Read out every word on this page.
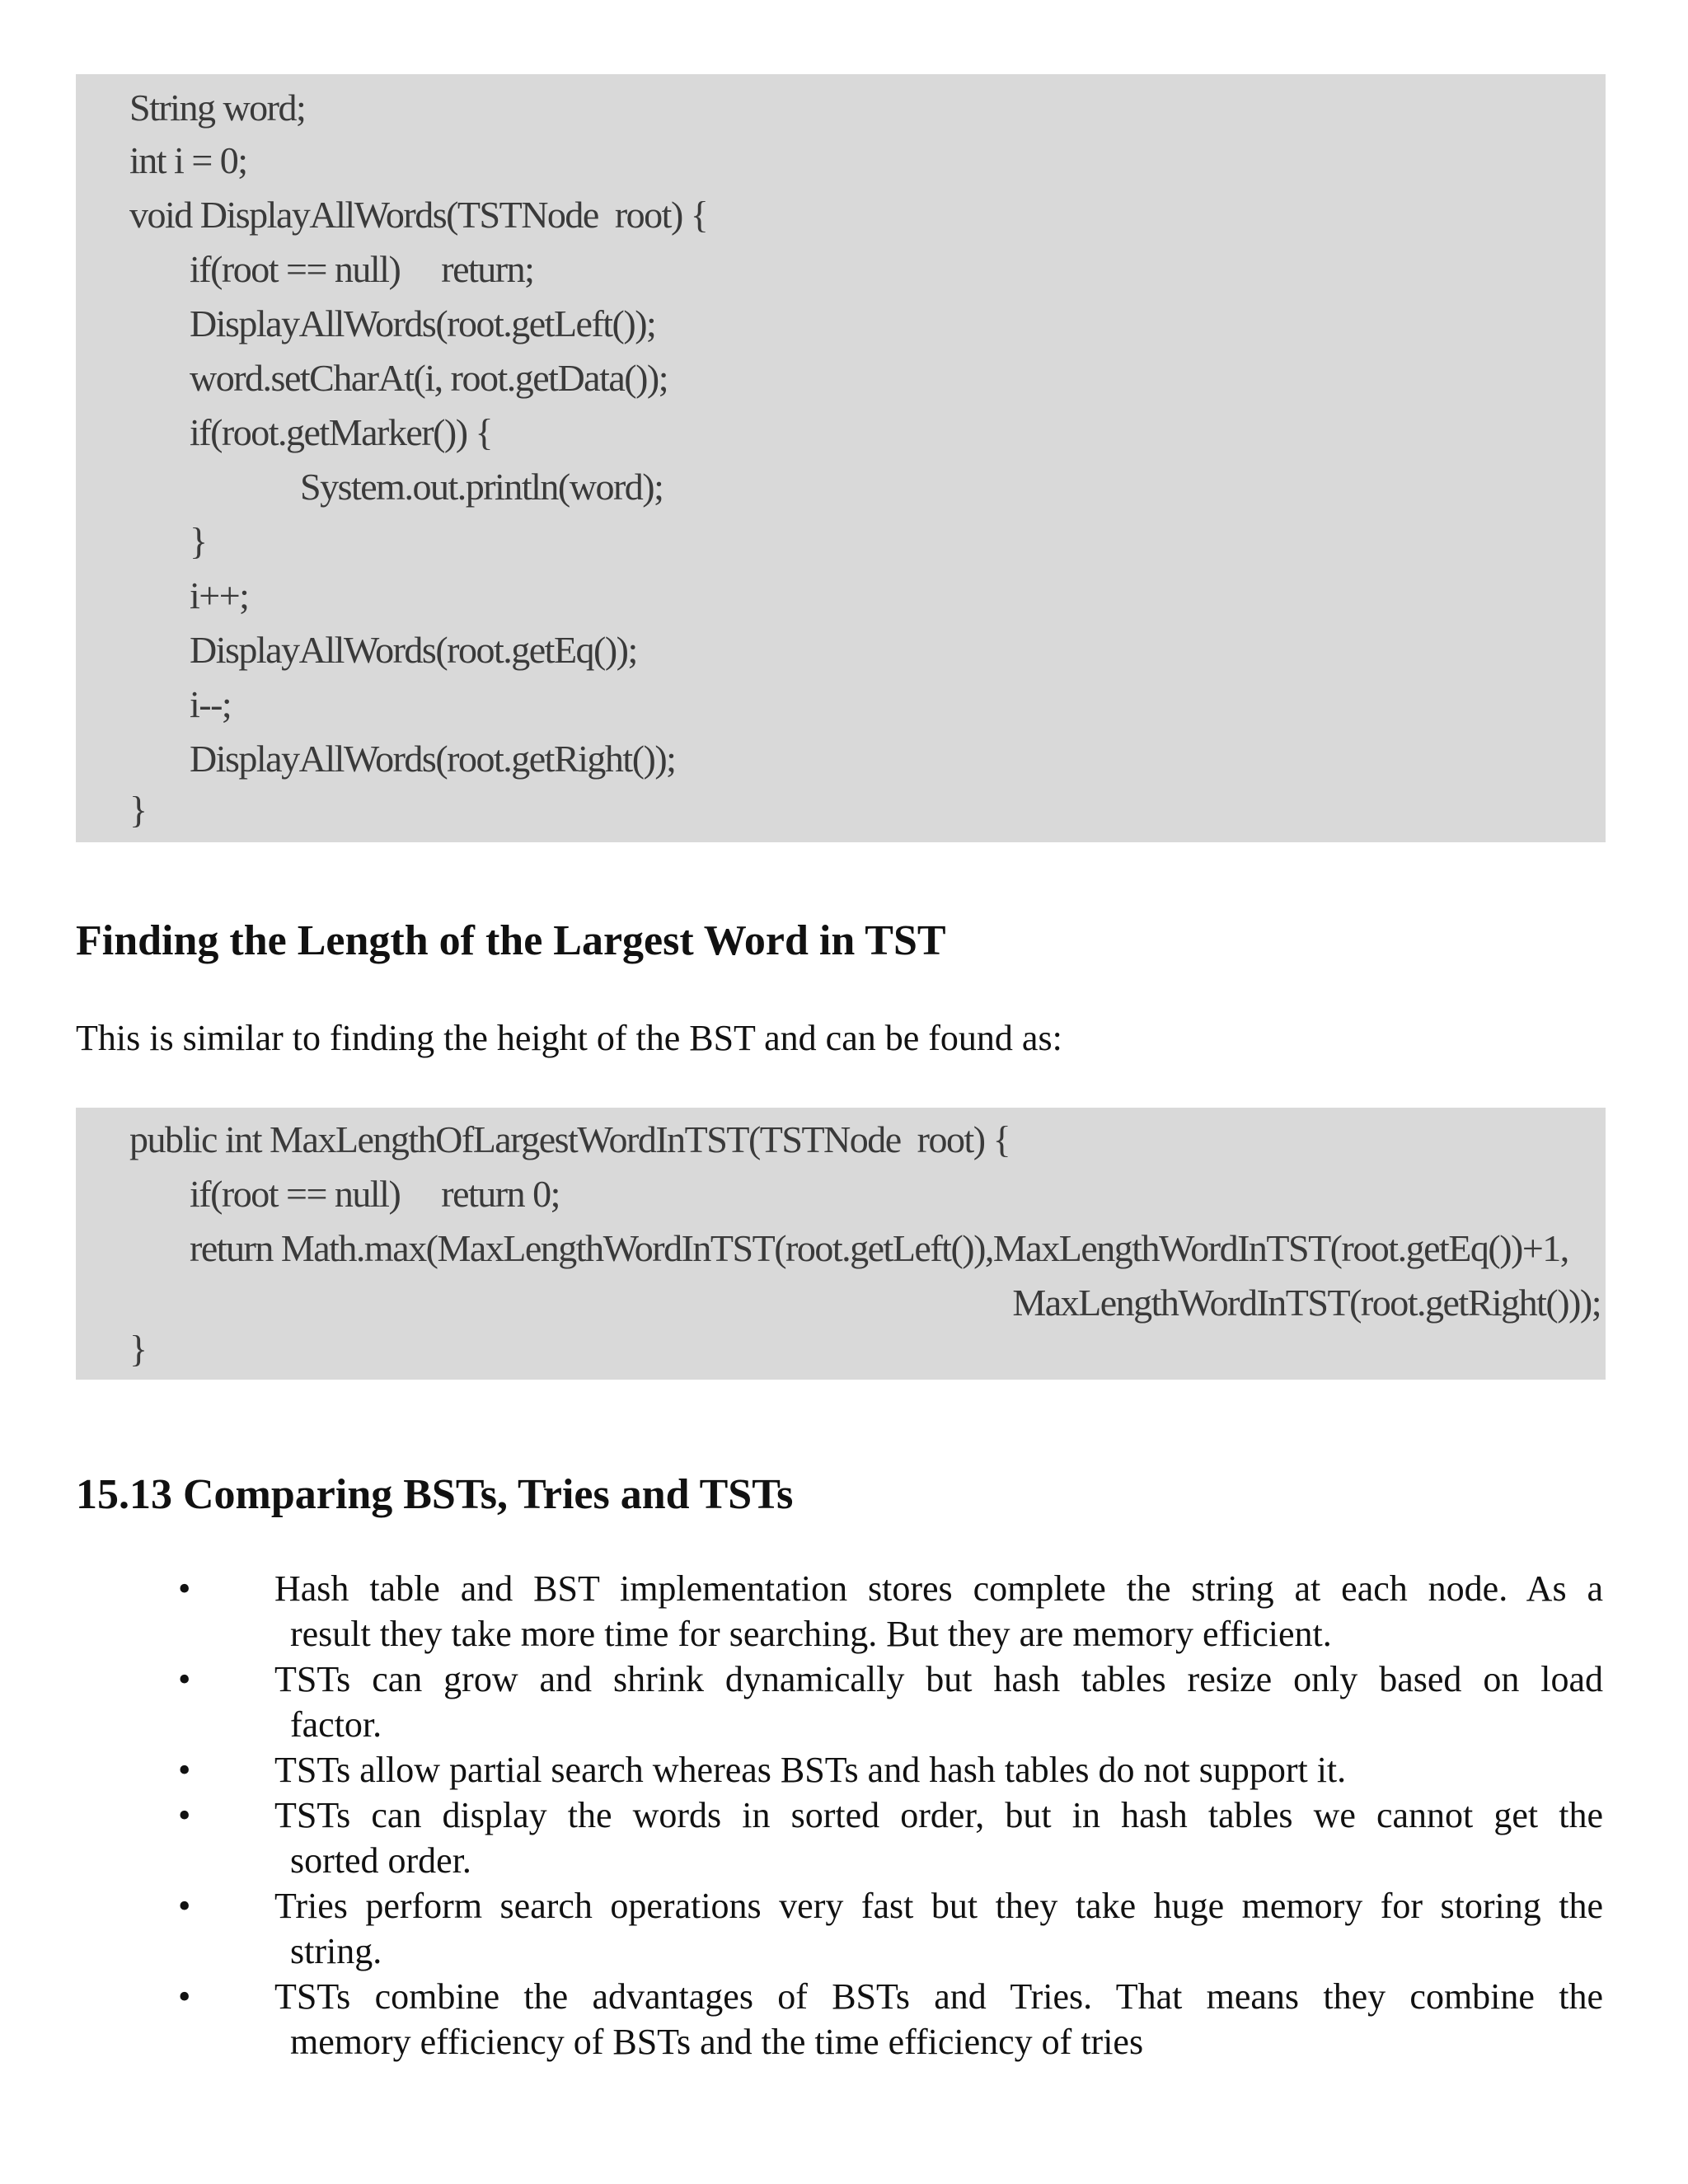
String word;
int i = 0;
void DisplayAllWords(TSTNode  root) {
if(root == null)     return;
DisplayAllWords(root.getLeft());
word.setCharAt(i, root.getData());
if(root.getMarker()) {
System.out.println(word);
}
i++;
DisplayAllWords(root.getEq());
i--;
DisplayAllWords(root.getRight());
}
Finding the Length of the Largest Word in TST
This is similar to finding the height of the BST and can be found as:
public int MaxLengthOfLargestWordInTST(TSTNode  root) {
if(root == null)     return 0;
return Math.max(MaxLengthWordInTST(root.getLeft()),MaxLengthWordInTST(root.getEq())+1,
MaxLengthWordInTST(root.getRight()));
}
15.13 Comparing BSTs, Tries and TSTs
• Hash table and BST implementation stores complete the string at each node. As a
result they take more time for searching. But they are memory efficient.
• TSTs can grow and shrink dynamically but hash tables resize only based on load
factor.
• TSTs allow partial search whereas BSTs and hash tables do not support it.
• TSTs can display the words in sorted order, but in hash tables we cannot get the
sorted order.
• Tries perform search operations very fast but they take huge memory for storing the
string.
• TSTs combine the advantages of BSTs and Tries. That means they combine the
memory efficiency of BSTs and the time efficiency of tries
